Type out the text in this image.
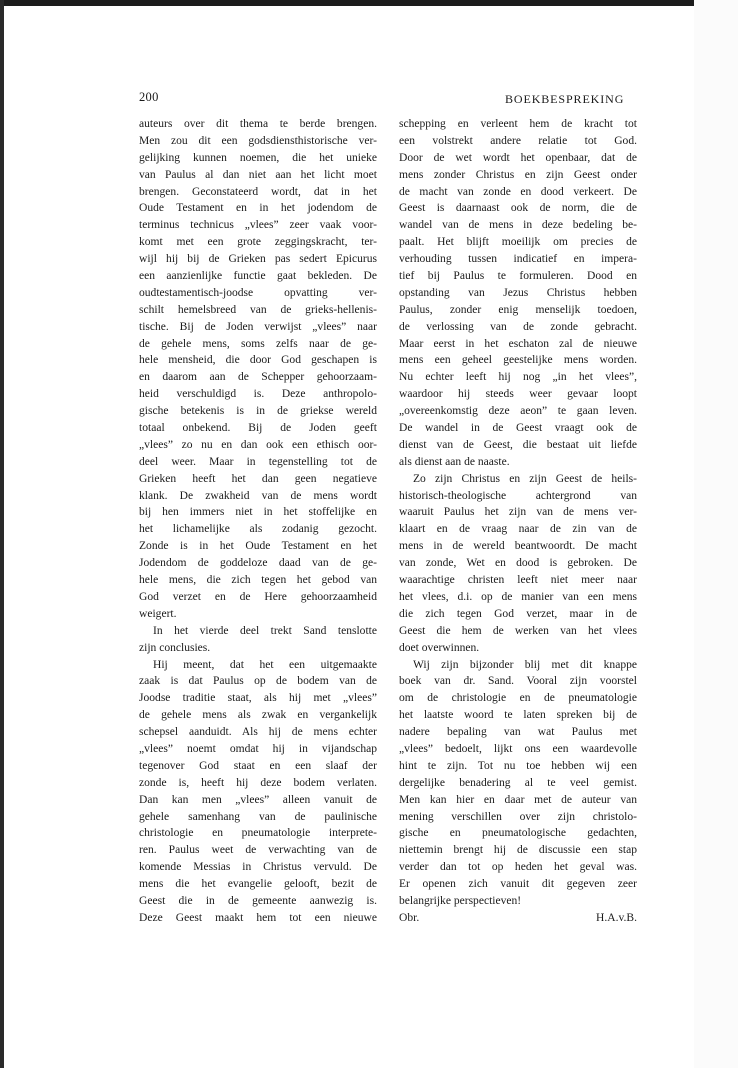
200	BOEKBESPREKING
auteurs over dit thema te berde brengen.
Men zou dit een godsdiensthistorische ver-
gelijking kunnen noemen, die het unieke
van Paulus al dan niet aan het licht moet
brengen. Geconstateerd wordt, dat in het
Oude Testament en in het jodendom de
terminus technicus „vlees” zeer vaak voor-
komt met een grote zeggingskracht, ter-
wijl hij bij de Grieken pas sedert Epicurus
een aanzienlijke functie gaat bekleden. De
oudtestamentisch-joodse opvatting ver-
schilt hemelsbreed van de grieks-hellenis-
tische. Bij de Joden verwijst „vlees” naar
de gehele mens, soms zelfs naar de ge-
hele mensheid, die door God geschapen is
en daarom aan de Schepper gehoorzaam-
heid verschuldigd is. Deze anthropolo-
gische betekenis is in de griekse wereld
totaal onbekend. Bij de Joden geeft
„vlees” zo nu en dan ook een ethisch oor-
deel weer. Maar in tegenstelling tot de
Grieken heeft het dan geen negatieve
klank. De zwakheid van de mens wordt
bij hen immers niet in het stoffelijke en
het lichamelijke als zodanig gezocht.
Zonde is in het Oude Testament en het
Jodendom de goddeloze daad van de ge-
hele mens, die zich tegen het gebod van
God verzet en de Here gehoorzaamheid
weigert.
In het vierde deel trekt Sand tenslotte
zijn conclusies.
Hij meent, dat het een uitgemaakte
zaak is dat Paulus op de bodem van de
Joodse traditie staat, als hij met „vlees”
de gehele mens als zwak en vergankelijk
schepsel aanduidt. Als hij de mens echter
„vlees” noemt omdat hij in vijandschap
tegenover God staat en een slaaf der
zonde is, heeft hij deze bodem verlaten.
Dan kan men „vlees” alleen vanuit de
gehele samenhang van de paulinische
christologie en pneumatologie interprete-
ren. Paulus weet de verwachting van de
komende Messias in Christus vervuld. De
mens die het evangelie gelooft, bezit de
Geest die in de gemeente aanwezig is.
Deze Geest maakt hem tot een nieuwe
schepping en verleent hem de kracht tot
een volstrekt andere relatie tot God.
Door de wet wordt het openbaar, dat de
mens zonder Christus en zijn Geest onder
de macht van zonde en dood verkeert. De
Geest is daarnaast ook de norm, die de
wandel van de mens in deze bedeling be-
paalt. Het blijft moeilijk om precies de
verhouding tussen indicatief en impera-
tief bij Paulus te formuleren. Dood en
opstanding van Jezus Christus hebben
Paulus, zonder enig menselijk toedoen,
de verlossing van de zonde gebracht.
Maar eerst in het eschaton zal de nieuwe
mens een geheel geestelijke mens worden.
Nu echter leeft hij nog „in het vlees”,
waardoor hij steeds weer gevaar loopt
„overeenkomstig deze aeon” te gaan leven.
De wandel in de Geest vraagt ook de
dienst van de Geest, die bestaat uit liefde
als dienst aan de naaste.
Zo zijn Christus en zijn Geest de heils-
historisch-theologische achtergrond van
waaruit Paulus het zijn van de mens ver-
klaart en de vraag naar de zin van de
mens in de wereld beantwoordt. De macht
van zonde, Wet en dood is gebroken. De
waarachtige christen leeft niet meer naar
het vlees, d.i. op de manier van een mens
die zich tegen God verzet, maar in de
Geest die hem de werken van het vlees
doet overwinnen.
Wij zijn bijzonder blij met dit knappe
boek van dr. Sand. Vooral zijn voorstel
om de christologie en de pneumatologie
het laatste woord te laten spreken bij de
nadere bepaling van wat Paulus met
„vlees” bedoelt, lijkt ons een waardevolle
hint te zijn. Tot nu toe hebben wij een
dergelijke benadering al te veel gemist.
Men kan hier en daar met de auteur van
mening verschillen over zijn christolo-
gische en pneumatologische gedachten,
niettemin brengt hij de discussie een stap
verder dan tot op heden het geval was.
Er openen zich vanuit dit gegeven zeer
belangrijke perspectieven!
Obr.	H.A.v.B.
